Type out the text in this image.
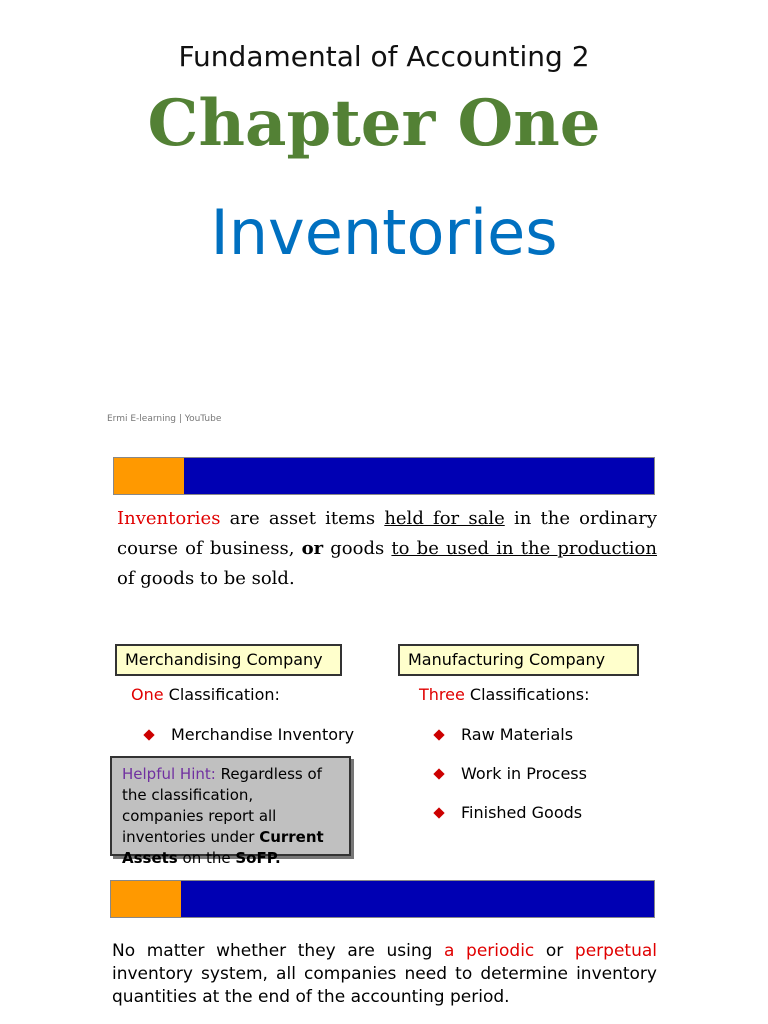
Fundamental of Accounting 2
Chapter One
Inventories
Ermi E-learning | YouTube
Inventories are asset items held for sale in the ordinary course of business, or goods to be used in the production of goods to be sold.
Merchandising Company	Manufacturing Company
One Classification:	Three Classifications:
Merchandise Inventory	Raw Materials
Work in Process
Finished Goods
Helpful Hint: Regardless of the classification, companies report all inventories under Current Assets on the SoFP.
No matter whether they are using a periodic or perpetual inventory system, all companies need to determine inventory quantities at the end of the accounting period.
